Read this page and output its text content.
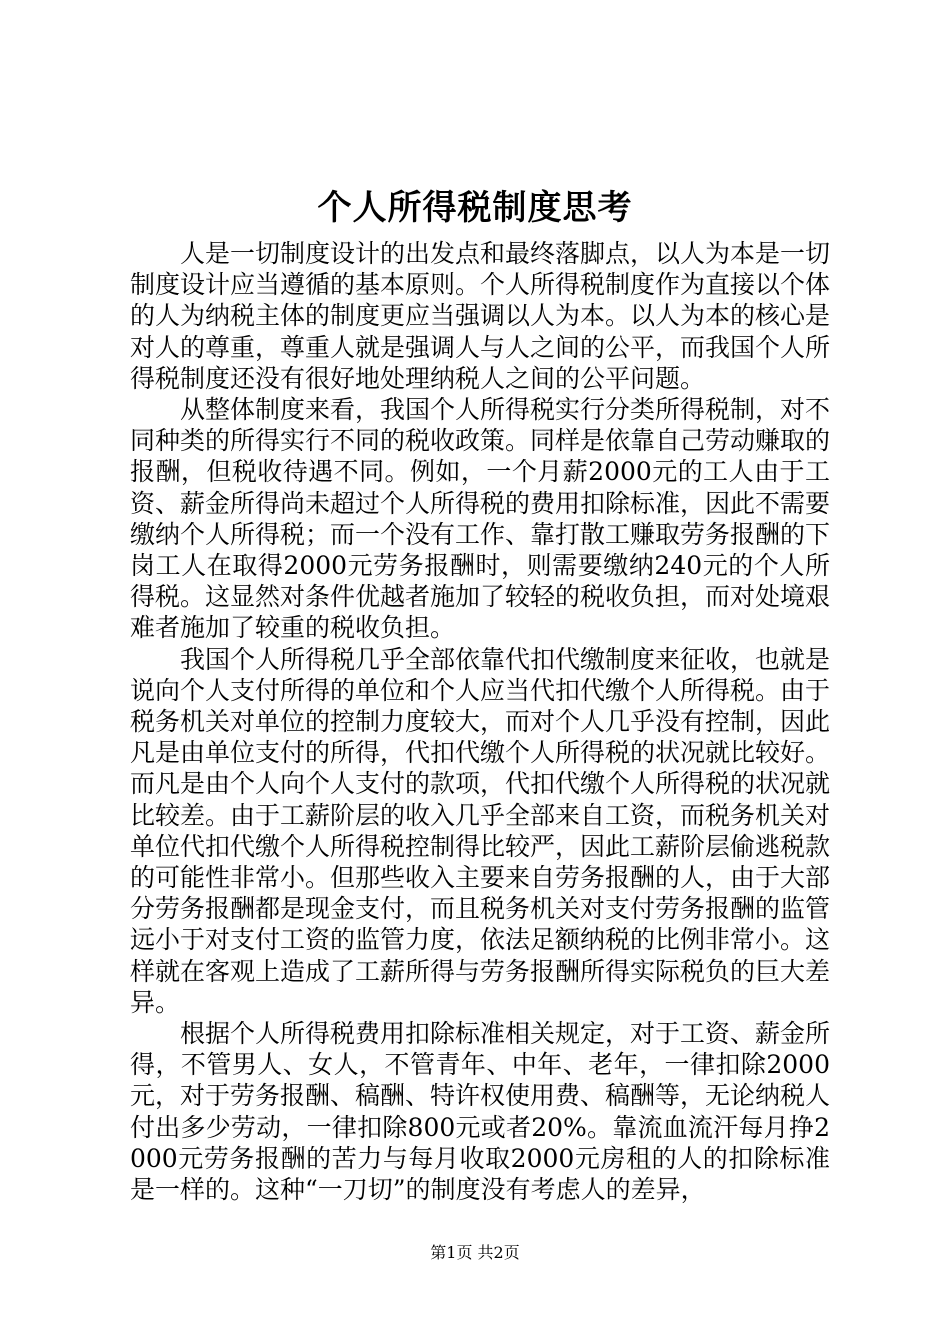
个人所得税制度思考

人是一切制度设计的出发点和最终落脚点，以人为本是一切制度设计应当遵循的基本原则。个人所得税制度作为直接以个体的人为纳税主体的制度更应当强调以人为本。以人为本的核心是对人的尊重，尊重人就是强调人与人之间的公平，而我国个人所得税制度还没有很好地处理纳税人之间的公平问题。

从整体制度来看，我国个人所得税实行分类所得税制，对不同种类的所得实行不同的税收政策。同样是依靠自己劳动赚取的报酬，但税收待遇不同。例如，一个月薪2000元的工人由于工资、薪金所得尚未超过个人所得税的费用扣除标准，因此不需要缴纳个人所得税；而一个没有工作、靠打散工赚取劳务报酬的下岗工人在取得2000元劳务报酬时，则需要缴纳240元的个人所得税。这显然对条件优越者施加了较轻的税收负担，而对处境艰难者施加了较重的税收负担。

我国个人所得税几乎全部依靠代扣代缴制度来征收，也就是说向个人支付所得的单位和个人应当代扣代缴个人所得税。由于税务机关对单位的控制力度较大，而对个人几乎没有控制，因此凡是由单位支付的所得，代扣代缴个人所得税的状况就比较好。而凡是由个人向个人支付的款项，代扣代缴个人所得税的状况就比较差。由于工薪阶层的收入几乎全部来自工资，而税务机关对单位代扣代缴个人所得税控制得比较严，因此工薪阶层偷逃税款的可能性非常小。但那些收入主要来自劳务报酬的人，由于大部分劳务报酬都是现金支付，而且税务机关对支付劳务报酬的监管远小于对支付工资的监管力度，依法足额纳税的比例非常小。这样就在客观上造成了工薪所得与劳务报酬所得实际税负的巨大差异。

根据个人所得税费用扣除标准相关规定，对于工资、薪金所得，不管男人、女人，不管青年、中年、老年，一律扣除2000元，对于劳务报酬、稿酬、特许权使用费、稿酬等，无论纳税人付出多少劳动，一律扣除800元或者20%。靠流血流汗每月挣2000元劳务报酬的苦力与每月收取2000元房租的人的扣除标准是一样的。这种“一刀切”的制度没有考虑人的差异，

第1页 共2页
